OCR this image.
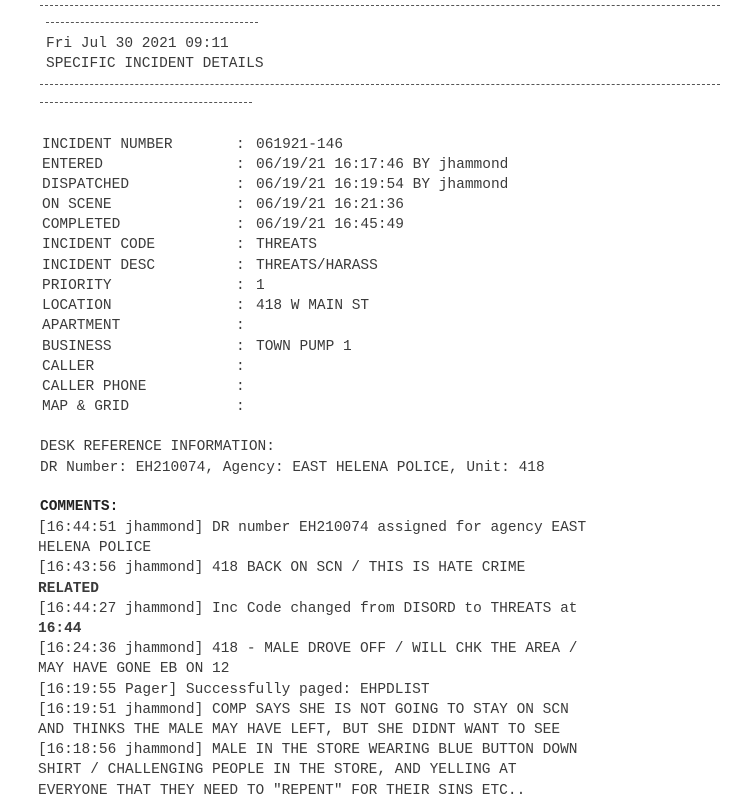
Fri Jul 30 2021 09:11
SPECIFIC INCIDENT DETAILS
INCIDENT NUMBER	: 061921-146
ENTERED	: 06/19/21 16:17:46 BY jhammond
DISPATCHED	: 06/19/21 16:19:54 BY jhammond
ON SCENE	: 06/19/21 16:21:36
COMPLETED	: 06/19/21 16:45:49
INCIDENT CODE	: THREATS
INCIDENT DESC	: THREATS/HARASS
PRIORITY	: 1
LOCATION	: 418 W MAIN ST
APARTMENT	:
BUSINESS	: TOWN PUMP 1
CALLER	:
CALLER PHONE	:
MAP & GRID	:
DESK REFERENCE INFORMATION:
DR Number: EH210074, Agency: EAST HELENA POLICE, Unit: 418
COMMENTS:
[16:44:51 jhammond] DR number EH210074 assigned for agency EAST
HELENA POLICE
[16:43:56 jhammond] 418 BACK ON SCN / THIS IS HATE CRIME
RELATED
[16:44:27 jhammond] Inc Code changed from DISORD to THREATS at
16:44
[16:24:36 jhammond] 418 - MALE DROVE OFF / WILL CHK THE AREA /
MAY HAVE GONE EB ON 12
[16:19:55 Pager] Successfully paged: EHPDLIST
[16:19:51 jhammond] COMP SAYS SHE IS NOT GOING TO STAY ON SCN
AND THINKS THE MALE MAY HAVE LEFT, BUT SHE DIDNT WANT TO SEE
[16:18:56 jhammond] MALE IN THE STORE WEARING BLUE BUTTON DOWN
SHIRT / CHALLENGING PEOPLE IN THE STORE, AND YELLING AT
EVERYONE THAT THEY NEED TO "REPENT" FOR THEIR SINS ETC..
